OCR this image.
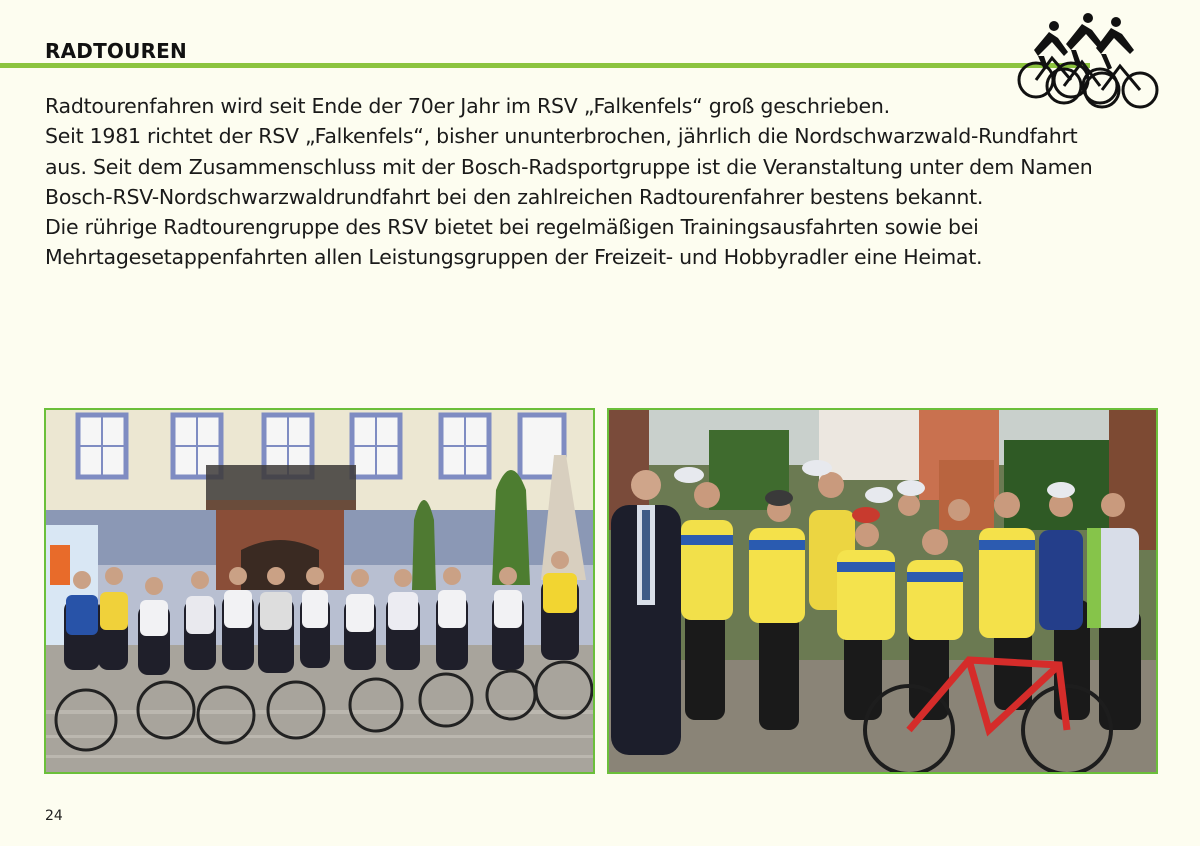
RADTOUREN

Radtourenfahren wird seit Ende der 70er Jahr im RSV „Falkenfels“ groß geschrieben.

Seit 1981 richtet der RSV „Falkenfels“, bisher ununterbrochen, jährlich die Nordschwarzwald-Rundfahrt

aus. Seit dem Zusammenschluss mit der Bosch-Radsportgruppe ist die Veranstaltung unter dem Namen

Bosch-RSV-Nordschwarzwaldrundfahrt bei den zahlreichen Radtourenfahrer bestens bekannt.

Die rührige Radtourengruppe des RSV bietet bei regelmäßigen Trainingsausfahrten sowie bei

Mehrtagesetappenfahrten allen Leistungsgruppen der Freizeit- und Hobbyradler eine Heimat.

24
